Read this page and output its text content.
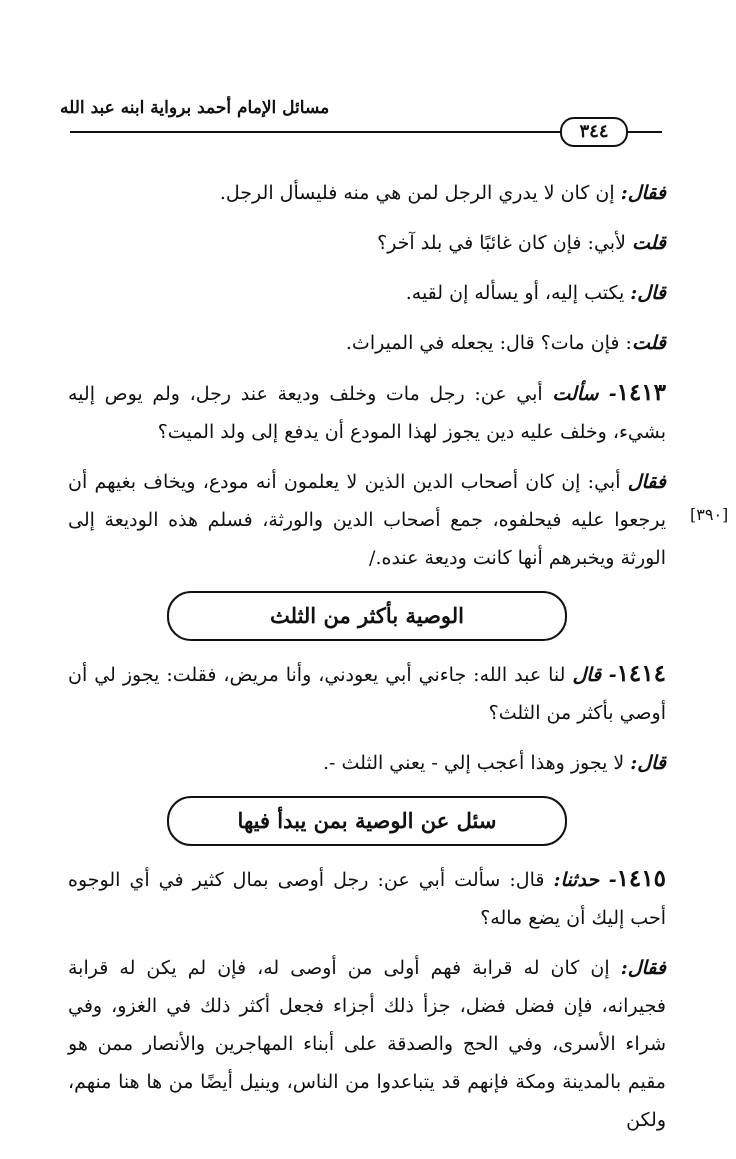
مسائل الإمام أحمد برواية ابنه عبد الله
٣٤٤
[٣٩٠]

فقال: إن كان لا يدري الرجل لمن هي منه فليسأل الرجل.

قلت لأبي: فإن كان غائبًا في بلد آخر؟

قال: يكتب إليه، أو يسأله إن لقيه.

قلت: فإن مات؟ قال: يجعله في الميراث.

١٤١٣- سألت أبي عن: رجل مات وخلف وديعة عند رجل، ولم يوص إليه بشيء، وخلف عليه دين يجوز لهذا المودع أن يدفع إلى ولد الميت؟

فقال أبي: إن كان أصحاب الدين الذين لا يعلمون أنه مودع، ويخاف بغيهم أن يرجعوا عليه فيحلفوه، جمع أصحاب الدين والورثة، فسلم هذه الوديعة إلى الورثة ويخبرهم أنها كانت وديعة عنده./

الوصية بأكثر من الثلث

١٤١٤- قال لنا عبد الله: جاءني أبي يعودني، وأنا مريض، فقلت: يجوز لي أن أوصي بأكثر من الثلث؟

قال: لا يجوز وهذا أعجب إلي - يعني الثلث -.

سئل عن الوصية بمن يبدأ فيها

١٤١٥- حدثنا: قال: سألت أبي عن: رجل أوصى بمال كثير في أي الوجوه أحب إليك أن يضع ماله؟

فقال: إن كان له قرابة فهم أولى من أوصى له، فإن لم يكن له قرابة فجيرانه، فإن فضل فضل، جزأ ذلك أجزاء فجعل أكثر ذلك في الغزو، وفي شراء الأسرى، وفي الحج والصدقة على أبناء المهاجرين والأنصار ممن هو مقيم بالمدينة ومكة فإنهم قد يتباعدوا من الناس، وينيل أيضًا من ها هنا منهم، ولكن
